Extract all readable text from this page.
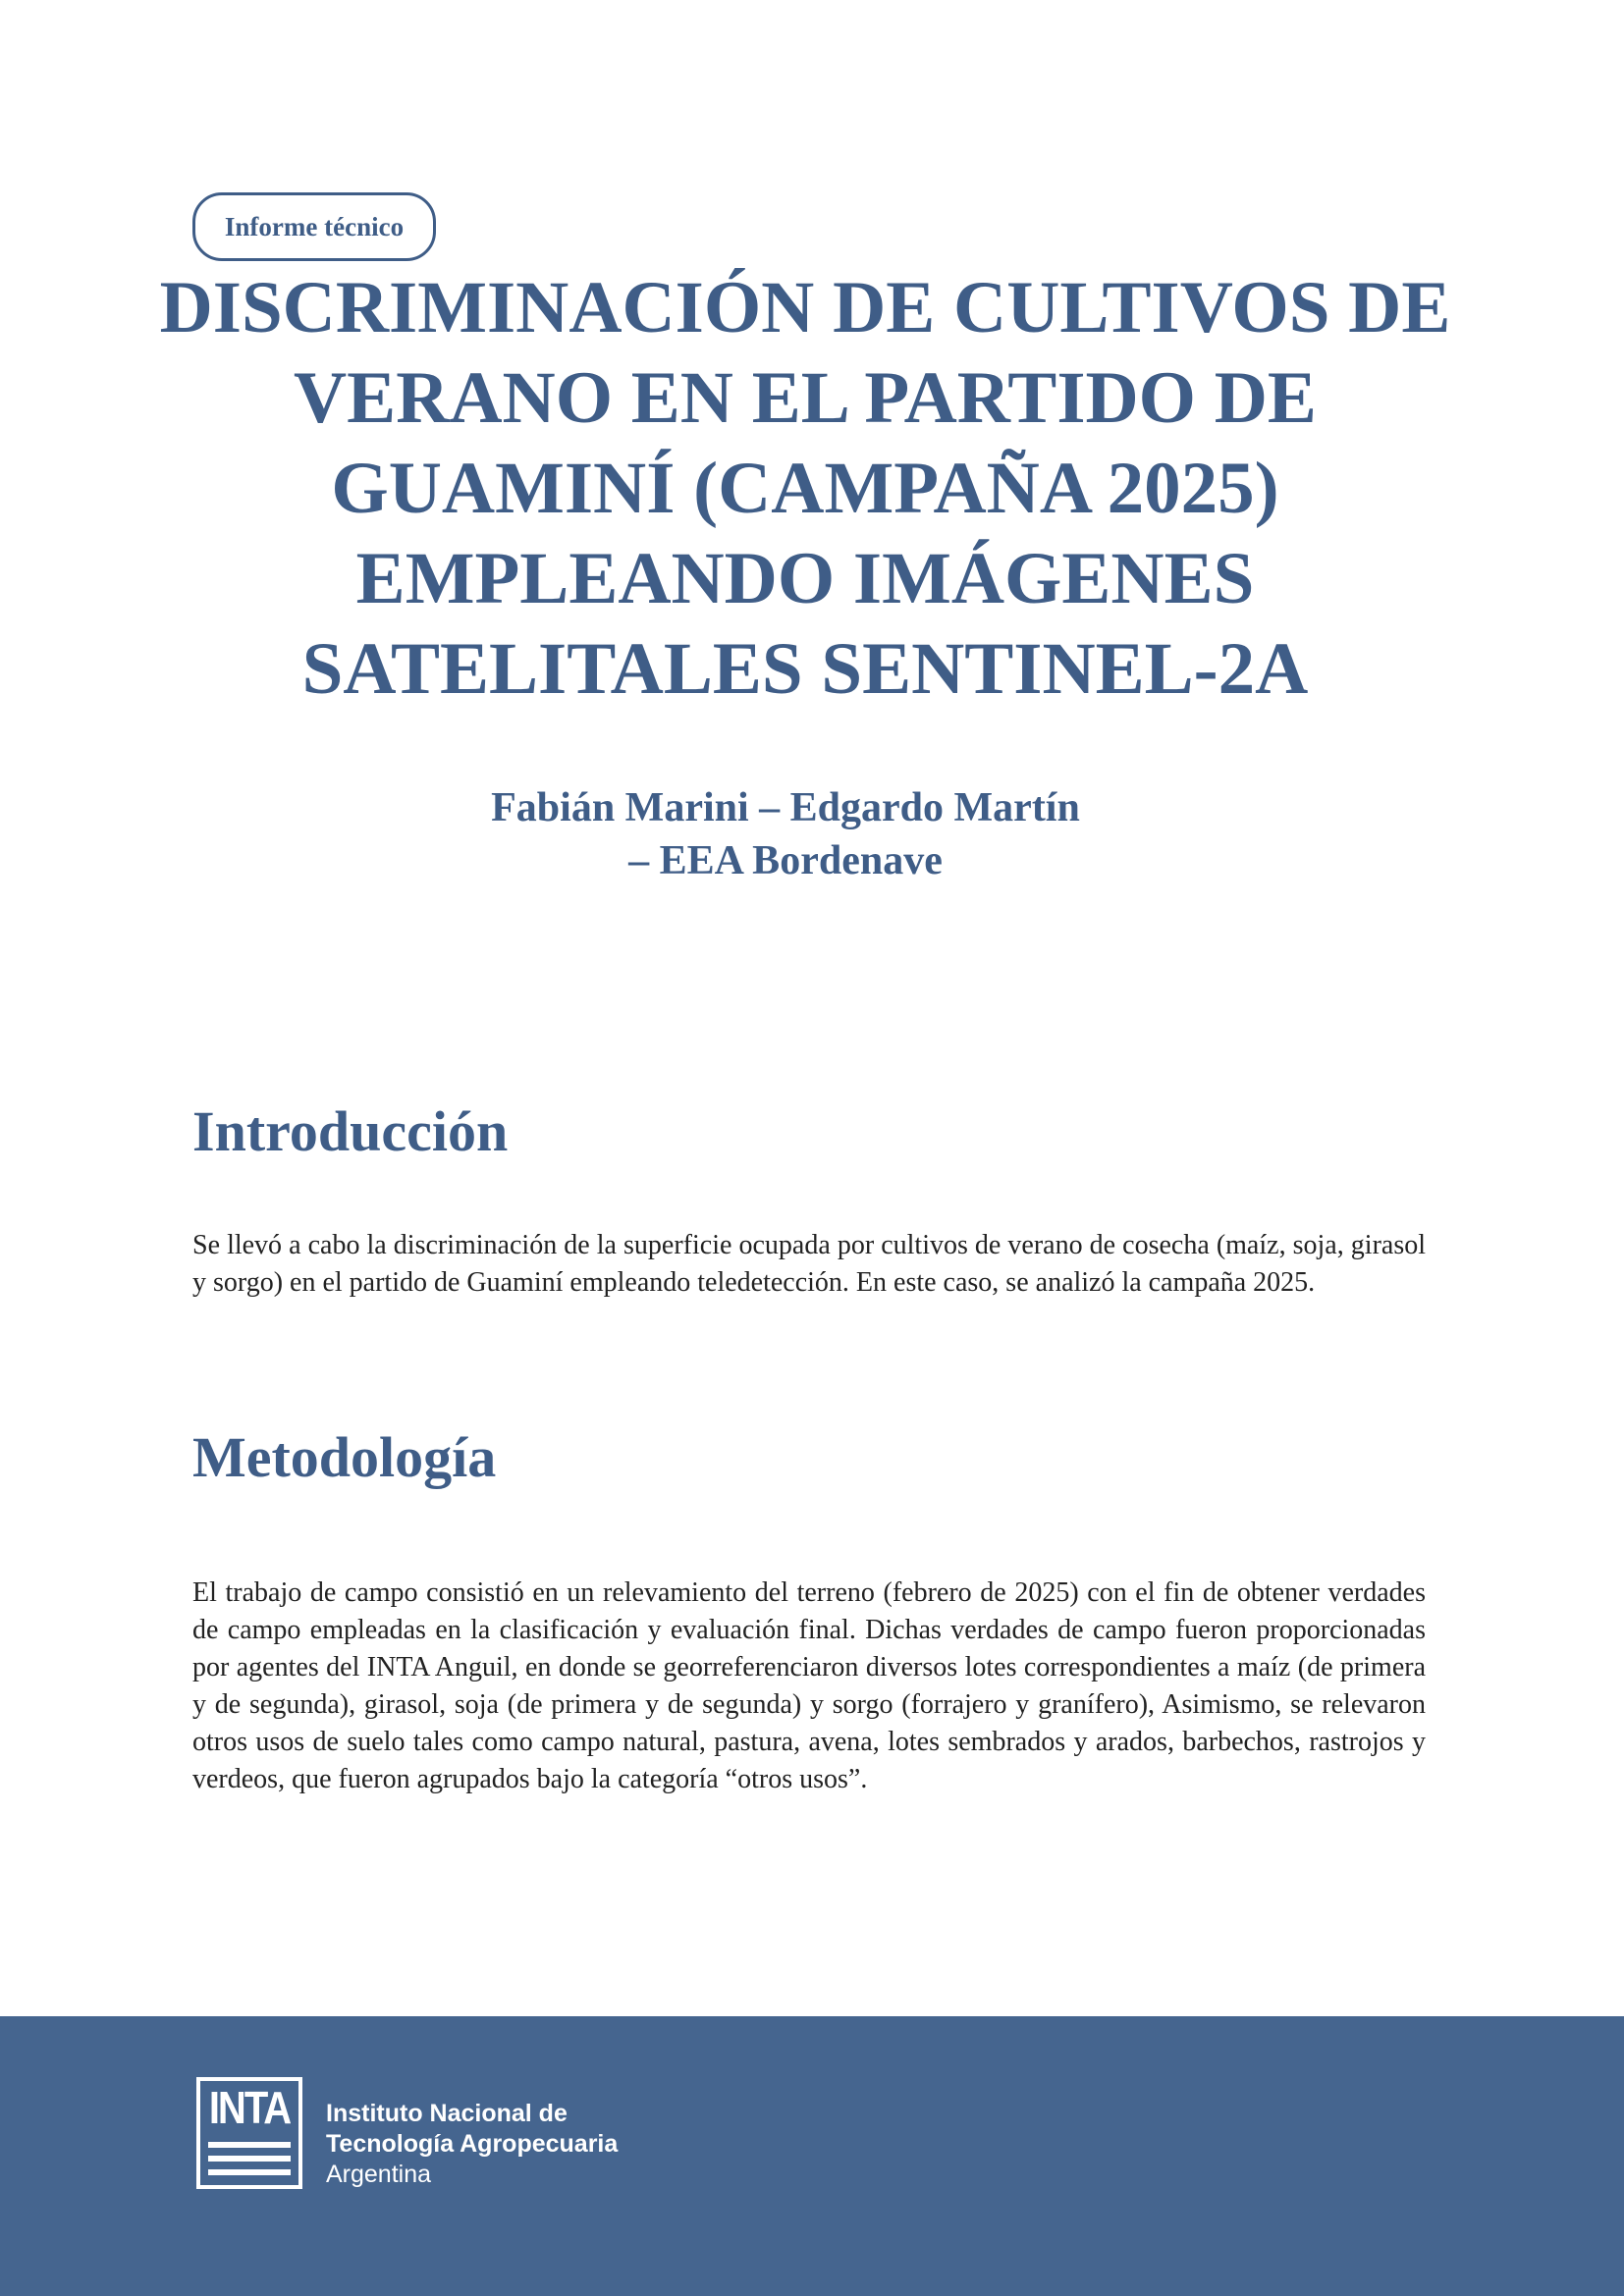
Informe técnico
DISCRIMINACIÓN DE CULTIVOS DE
VERANO EN EL PARTIDO DE
GUAMINÍ (CAMPAÑA 2025)
EMPLEANDO IMÁGENES
SATELITALES SENTINEL-2A
Fabián Marini – Edgardo Martín
– EEA Bordenave
Introducción

Se llevó a cabo la discriminación de la superficie ocupada por cultivos de verano de cosecha (maíz, soja, girasol y sorgo) en el partido de Guaminí empleando teledetección. En este caso, se analizó la campaña 2025.

Metodología

El trabajo de campo consistió en un relevamiento del terreno (febrero de 2025) con el fin de obtener verdades de campo empleadas en la clasificación y evaluación final. Dichas verdades de campo fueron proporcionadas por agentes del INTA Anguil, en donde se georreferenciaron diversos lotes correspondientes a maíz (de primera y de segunda), girasol, soja (de primera y de segunda) y sorgo (forrajero y granífero), Asimismo, se relevaron otros usos de suelo tales como campo natural, pastura, avena, lotes sembrados y arados, barbechos, rastrojos y verdeos, que fueron agrupados bajo la categoría “otros usos”.

INTA	Instituto Nacional de
Tecnología Agropecuaria
Argentina
